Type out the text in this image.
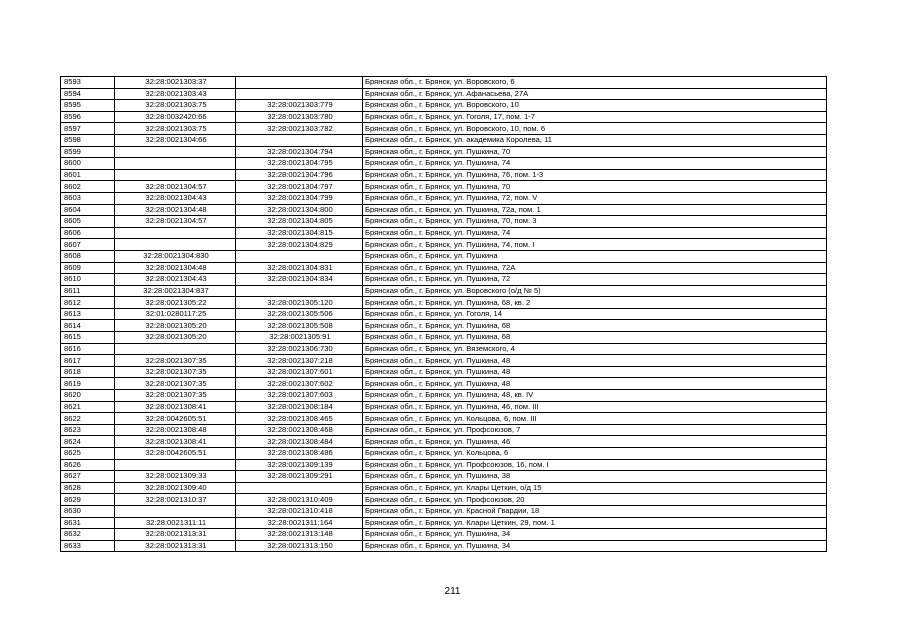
8593	32:28:0021303:37		Брянская обл., г. Брянск, ул. Воровского, 6
8594	32:28:0021303:43		Брянская обл., г. Брянск, ул. Афанасьева, 27А
8595	32:28:0021303:75	32:28:0021303:779	Брянская обл., г. Брянск, ул. Воровского, 10
8596	32:28:0032420:66	32:28:0021303:780	Брянская обл., г. Брянск, ул. Гоголя, 17, пом. 1-7
8597	32:28:0021303:75	32:28:0021303:782	Брянская обл., г. Брянск, ул. Воровского, 10, пом. 6
8598	32:28:0021304:66		Брянская обл., г. Брянск, ул. академика Королева, 11
8599		32:28:0021304:794	Брянская обл., г. Брянск, ул. Пушкина, 70
8600		32:28:0021304:795	Брянская обл., г. Брянск, ул. Пушкина, 74
8601		32:28:0021304:796	Брянская обл., г. Брянск, ул. Пушкина, 76, пом. 1-3
8602	32:28:0021304:57	32:28:0021304:797	Брянская обл., г. Брянск, ул. Пушкина, 70
8603	32:28:0021304:43	32:28:0021304:799	Брянская обл., г. Брянск, ул. Пушкина, 72, пом. V
8604	32:28:0021304:48	32:28:0021304:800	Брянская обл., г. Брянск, ул. Пушкина, 72а, пом. 1
8605	32:28:0021304:57	32:28:0021304:805	Брянская обл., г. Брянск, ул. Пушкина, 70, пом. 3
8606		32:28:0021304:815	Брянская обл., г. Брянск, ул. Пушкина, 74
8607		32:28:0021304:829	Брянская обл., г. Брянск, ул. Пушкина, 74, пом. I
8608	32:28:0021304:830		Брянская обл., г. Брянск, ул. Пушкина
8609	32:28:0021304:48	32:28:0021304:831	Брянская обл., г. Брянск, ул. Пушкина, 72А
8610	32:28:0021304:43	32:28:0021304:834	Брянская обл., г. Брянск, ул. Пушкина, 72
8611	32:28:0021304:837		Брянская обл., г. Брянск, ул. Воровского (о/д № 5)
8612	32:28:0021305:22	32:28:0021305:120	Брянская обл., г. Брянск, ул. Пушкина, 68, кв. 2
8613	32:01:0280117:25	32:28:0021305:506	Брянская обл., г. Брянск, ул. Гоголя, 14
8614	32:28:0021305:20	32:28:0021305:508	Брянская обл., г. Брянск, ул. Пушкина, 68
8615	32:28:0021305:20	32:28:0021305:91	Брянская обл., г. Брянск, ул. Пушкина, 68
8616		32:28:0021306:730	Брянская обл., г. Брянск, ул. Вяземского, 4
8617	32:28:0021307:35	32:28:0021307:218	Брянская обл., г. Брянск, ул. Пушкина, 48
8618	32:28:0021307:35	32:28:0021307:601	Брянская обл., г. Брянск, ул. Пушкина, 48
8619	32:28:0021307:35	32:28:0021307:602	Брянская обл., г. Брянск, ул. Пушкина, 48
8620	32:28:0021307:35	32:28:0021307:603	Брянская обл., г. Брянск, ул. Пушкина, 48, кв. IV
8621	32:28:0021308:41	32:28:0021308:184	Брянская обл., г. Брянск, ул. Пушкина, 46, пом. III
8622	32:28:0042605:51	32:28:0021308:465	Брянская обл., г. Брянск, ул. Кольцова, 6, пом. III
8623	32:28:0021308:48	32:28:0021308:468	Брянская обл., г. Брянск, ул. Профсоюзов, 7
8624	32:28:0021308:41	32:28:0021308:484	Брянская обл., г. Брянск, ул. Пушкина, 46
8625	32:28:0042605:51	32:28:0021308:486	Брянская обл., г. Брянск, ул. Кольцова, 6
8626		32:28:0021309:139	Брянская обл., г. Брянск, ул. Профсоюзов, 16, пом. I
8627	32:28:0021309:33	32:28:0021309:291	Брянская обл., г. Брянск, ул. Пушкина, 38
8628	32:28:0021309:40		Брянская обл., г. Брянск, ул. Клары Цеткин, о/д 15
8629	32:28:0021310:37	32:28:0021310:409	Брянская обл., г. Брянск, ул. Профсоюзов, 20
8630		32:28:0021310:418	Брянская обл., г. Брянск, ул. Красной Гвардии, 18
8631	32:28:0021311:11	32:28:0021311:164	Брянская обл., г. Брянск, ул. Клары Цеткин, 29, пом. 1
8632	32:28:0021313:31	32:28:0021313:148	Брянская обл., г. Брянск, ул. Пушкина, 34
8633	32:28:0021313:31	32:28:0021313:150	Брянская обл., г. Брянск, ул. Пушкина, 34
211
